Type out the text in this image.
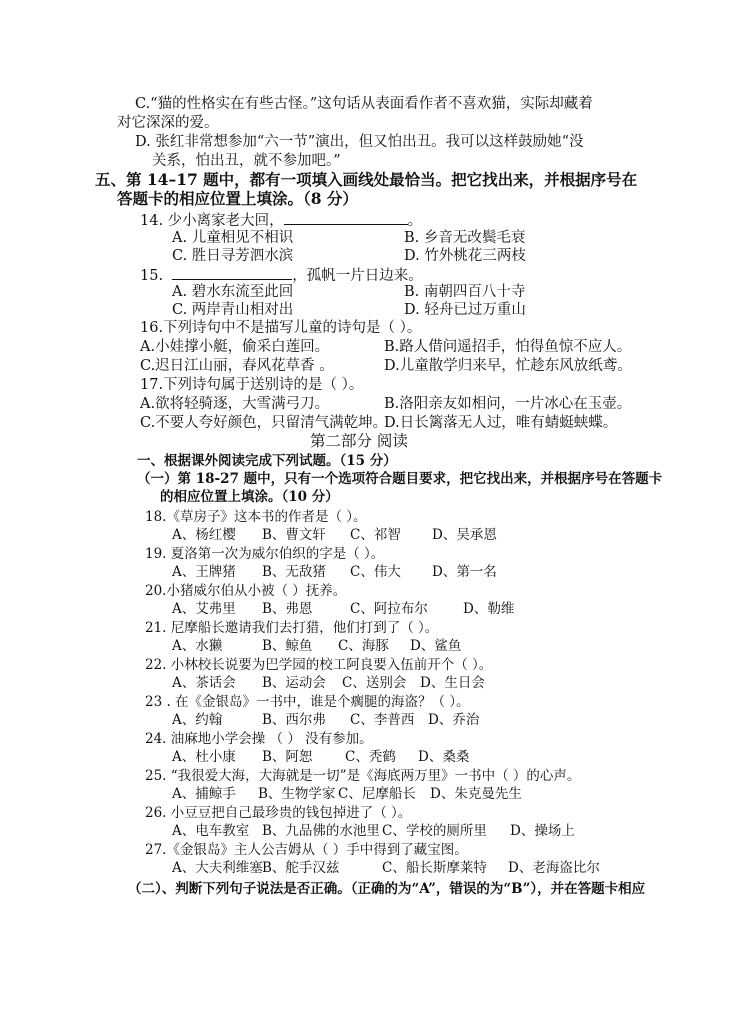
C.“猫的性格实在有些古怪。”这句话从表面看作者不喜欢猫，实际却藏着
对它深深的爱。
D. 张红非常想参加“六一节”演出，但又怕出丑。我可以这样鼓励她“没
关系，怕出丑，就不参加吧。”
五、第 14–17 题中，都有一项填入画线处最恰当。把它找出来，并根据序号在
答题卡的相应位置上填涂。（8 分）
14. 少小离家老大回，	。
A. 儿童相见不相识	B. 乡音无改鬓毛衰
C. 胜日寻芳泗水滨	D. 竹外桃花三两枝
15.	，孤帆一片日边来。
A. 碧水东流至此回	B. 南朝四百八十寺
C. 两岸青山相对出	D. 轻舟已过万重山
16.下列诗句中不是描写儿童的诗句是（ ）。
A.小娃撑小艇，偷采白莲回。	B.路人借问遥招手，怕得鱼惊不应人。
C.迟日江山丽，春风花草香 。	D.儿童散学归来早，忙趁东风放纸鸢。
17.下列诗句属于送别诗的是（ ）。
A.欲将轻骑逐，大雪满弓刀。	B.洛阳亲友如相问，一片冰心在玉壶。
C.不要人夸好颜色，只留清气满乾坤。
D.日长篱落无人过，唯有蜻蜓蛱蝶。
第二部分 阅读
一、根据课外阅读完成下列试题。（15 分）
（一）第 18-27 题中，只有一个选项符合题目要求，把它找出来，并根据序号在答题卡
的相应位置上填涂。（10 分）
18.《草房子》这本书的作者是（ ）。
A、杨红樱 B、曹文轩 C、祁智 D、吴承恩
19. 夏洛第一次为威尔伯织的字是（ ）。
A、王牌猪 B、无敌猪 C、伟大 D、第一名
20.小猪威尔伯从小被（ ）抚养。
A、艾弗里 B、弗恩	C、阿拉布尔	D、勒维
21. 尼摩船长邀请我们去打猎，他们打到了（ ）。
A、水獭	B、鲸鱼 C、海豚 D、鲨鱼
22. 小林校长说要为巴学园的校工阿良要入伍前开个（ ）。
A、茶话会 B、运动会 C、送别会 D、生日会
23 . 在《金银岛》一书中，谁是个瘸腿的海盗？（ ）。
A、约翰	B、西尔弗 C、李普西 D、乔治
24. 油麻地小学会操 （ ） 没有参加。
A、杜小康 B、阿恕 C、秃鹤 D、桑桑
25. “我很爱大海，大海就是一切”是《海底两万里》一书中（ ）的心声。
A、捕鲸手 B、生物学家 C、尼摩船长 D、朱克曼先生
26. 小豆豆把自己最珍贵的钱包掉进了（ ）。
A、电车教室 B、九品佛的水池里 C、学校的厕所里 D、操场上
27.《金银岛》主人公吉姆从（ ）手中得到了藏宝图。
A、大夫利维塞 B、舵手汉兹	C、船长斯摩莱特 D、老海盗比尔
（二）、判断下列句子说法是否正确。（正确的为“A”，错误的为“B”），并在答题卡相应
